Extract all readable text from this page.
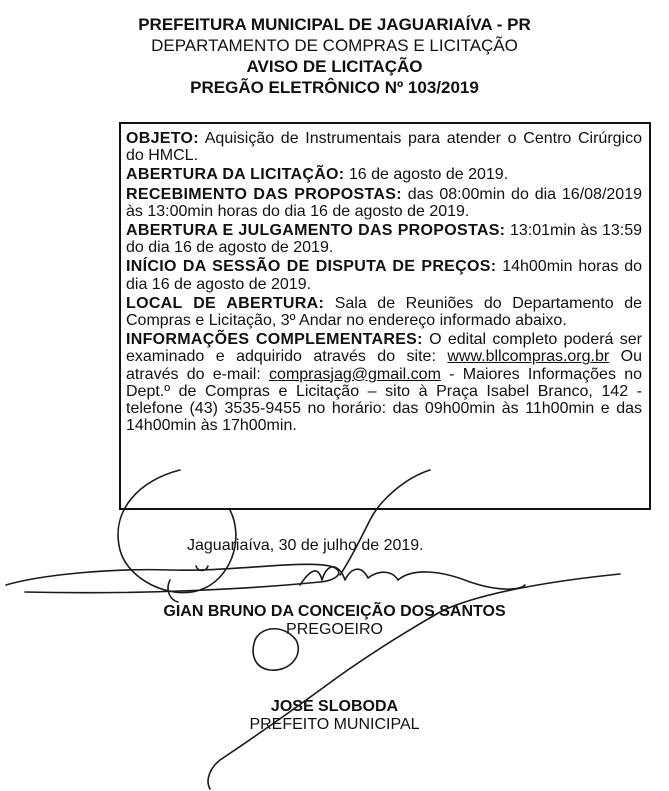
PREFEITURA MUNICIPAL DE JAGUARIAÍVA - PR
DEPARTAMENTO DE COMPRAS E LICITAÇÃO
AVISO DE LICITAÇÃO
PREGÃO ELETRÔNICO Nº 103/2019

OBJETO: Aquisição de Instrumentais para atender o Centro Cirúrgico do HMCL.

ABERTURA DA LICITAÇÃO: 16 de agosto de 2019.

RECEBIMENTO DAS PROPOSTAS: das 08:00min do dia 16/08/2019 às 13:00min horas do dia 16 de agosto de 2019.

ABERTURA E JULGAMENTO DAS PROPOSTAS: 13:01min às 13:59 do dia 16 de agosto de 2019.

INÍCIO DA SESSÃO DE DISPUTA DE PREÇOS: 14h00min horas do dia 16 de agosto de 2019.

LOCAL DE ABERTURA: Sala de Reuniões do Departamento de Compras e Licitação, 3º Andar no endereço informado abaixo.

INFORMAÇÕES COMPLEMENTARES: O edital completo poderá ser examinado e adquirido através do site: www.bllcompras.org.br Ou através do e-mail: comprasjag@gmail.com - Maiores Informações no Dept.º de Compras e Licitação – sito à Praça Isabel Branco, 142 - telefone (43) 3535-9455 no horário: das 09h00min às 11h00min e das 14h00min às 17h00min.

Jaguariaíva, 30 de julho de 2019.
GIAN BRUNO DA CONCEIÇÃO DOS SANTOS
PREGOEIRO
JOSÉ SLOBODA
PREFEITO MUNICIPAL
